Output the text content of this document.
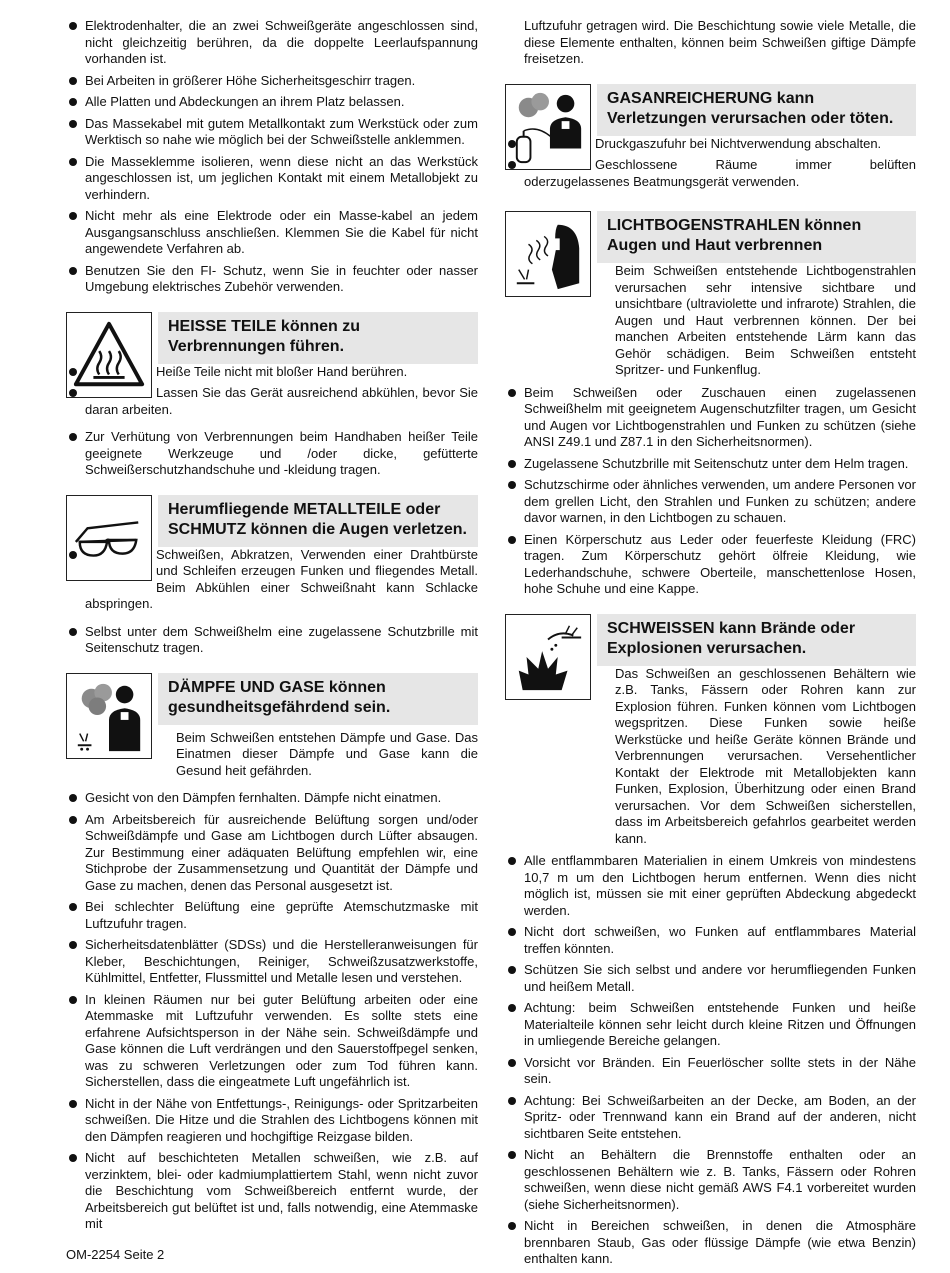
Elektrodenhalter, die an zwei Schweißgeräte angeschlossen sind, nicht gleichzeitig berühren, da die doppelte Leerlaufspannung vorhanden ist.
Bei Arbeiten in größerer Höhe Sicherheitsgeschirr tragen.
Alle Platten und Abdeckungen an ihrem Platz belassen.
Das Massekabel mit gutem Metallkontakt zum Werkstück oder zum Werktisch so nahe wie möglich bei der Schweißstelle anklemmen.
Die Masseklemme isolieren, wenn diese nicht an das Werkstück angeschlossen ist, um jeglichen Kontakt mit einem Metallobjekt zu verhindern.
Nicht mehr als eine Elektrode oder ein Masse-kabel an jedem Ausgangsanschluss anschließen. Klemmen Sie die Kabel für nicht angewendete Verfahren ab.
Benutzen Sie den FI- Schutz, wenn Sie in feuchter oder nasser Umgebung elektrisches Zubehör verwenden.
HEISSE TEILE können zu Verbrennungen führen.
Heiße Teile nicht mit bloßer Hand berühren.
Lassen Sie das Gerät ausreichend abkühlen, bevor Sie daran arbeiten.
Zur Verhütung von Verbrennungen beim Handhaben heißer Teile geeignete Werkzeuge und /oder dicke, gefütterte Schweißerschutzhandschuhe und -kleidung tragen.
Herumfliegende METALLTEILE oder SCHMUTZ können die Augen verletzen.
Schweißen, Abkratzen, Verwenden einer Drahtbürste und Schleifen erzeugen Funken und fliegendes Metall. Beim Abkühlen einer Schweißnaht kann Schlacke abspringen.
Selbst unter dem Schweißhelm eine zugelassene Schutzbrille mit Seitenschutz tragen.
DÄMPFE UND GASE können gesundheitsgefährdend sein.

Beim Schweißen entstehen Dämpfe und Gase. Das Einatmen dieser Dämpfe und Gase kann die Gesund heit gefährden.

Gesicht von den Dämpfen fernhalten. Dämpfe nicht einatmen.
Am Arbeitsbereich für ausreichende Belüftung sorgen und/oder Schweißdämpfe und Gase am Lichtbogen durch Lüfter absaugen. Zur Bestimmung einer adäquaten Belüftung empfehlen wir, eine Stichprobe der Zusammensetzung und Quantität der Dämpfe und Gase zu machen, denen das Personal ausgesetzt ist.
Bei schlechter Belüftung eine geprüfte Atemschutzmaske mit Luftzufuhr tragen.
Sicherheitsdatenblätter (SDSs) und die Herstelleranweisungen für Kleber, Beschichtungen, Reiniger, Schweißzusatzwerkstoffe, Kühlmittel, Entfetter, Flussmittel und Metalle lesen und verstehen.
In kleinen Räumen nur bei guter Belüftung arbeiten oder eine Atemmaske mit Luftzufuhr verwenden. Es sollte stets eine erfahrene Aufsichtsperson in der Nähe sein. Schweißdämpfe und Gase können die Luft verdrängen und den Sauerstoffpegel senken, was zu schweren Verletzungen oder zum Tod führen kann. Sicherstellen, dass die eingeatmete Luft ungefährlich ist.
Nicht in der Nähe von Entfettungs-, Reinigungs- oder Spritzarbeiten schweißen. Die Hitze und die Strahlen des Lichtbogens können mit den Dämpfen reagieren und hochgiftige Reizgase bilden.
Nicht auf beschichteten Metallen schweißen, wie z.B. auf verzinktem, blei- oder kadmiumplattiertem Stahl, wenn nicht zuvor die Beschichtung vom Schweißbereich entfernt wurde, der Arbeitsbereich gut belüftet ist und, falls notwendig, eine Atemmaske mit

Luftzufuhr getragen wird. Die Beschichtung sowie viele Metalle, die diese Elemente enthalten, können beim Schweißen giftige Dämpfe freisetzen.

GASANREICHERUNG kann Verletzungen verursachen oder töten.
Druckgaszufuhr bei Nichtverwendung abschalten.
Geschlossene Räume immer belüften oderzugelassenes Beatmungsgerät verwenden.
LICHTBOGENSTRAHLEN können Augen und Haut verbrennen

Beim Schweißen entstehende Lichtbogenstrahlen verursachen sehr intensive sichtbare und unsichtbare (ultraviolette und infrarote) Strahlen, die Augen und Haut verbrennen können. Der bei manchen Arbeiten entstehende Lärm kann das Gehör schädigen. Beim Schweißen entsteht Spritzer- und Funkenflug.

Beim Schweißen oder Zuschauen einen zugelassenen Schweißhelm mit geeignetem Augenschutzfilter tragen, um Gesicht und Augen vor Lichtbogenstrahlen und Funken zu schützen (siehe ANSI Z49.1 und Z87.1 in den Sicherheitsnormen).
Zugelassene Schutzbrille mit Seitenschutz unter dem Helm tragen.
Schutzschirme oder ähnliches verwenden, um andere Personen vor dem grellen Licht, den Strahlen und Funken zu schützen; andere davor warnen, in den Lichtbogen zu schauen.
Einen Körperschutz aus Leder oder feuerfeste Kleidung (FRC) tragen. Zum Körperschutz gehört ölfreie Kleidung, wie Lederhandschuhe, schwere Oberteile, manschettenlose Hosen, hohe Schuhe und eine Kappe.
SCHWEISSEN kann Brände oder Explosionen verursachen.

Das Schweißen an geschlossenen Behältern wie z.B. Tanks, Fässern oder Rohren kann zur Explosion führen. Funken können vom Lichtbogen wegspritzen. Diese Funken sowie heiße Werkstücke und heiße Geräte können Brände und Verbrennungen verursachen. Versehentlicher Kontakt der Elektrode mit Metallobjekten kann Funken, Explosion, Überhitzung oder einen Brand verursachen. Vor dem Schweißen sicherstellen, dass im Arbeitsbereich gefahrlos gearbeitet werden kann.

Alle entflammbaren Materialien in einem Umkreis von mindestens 10,7 m um den Lichtbogen herum entfernen. Wenn dies nicht möglich ist, müssen sie mit einer geprüften Abdeckung abgedeckt werden.
Nicht dort schweißen, wo Funken auf entflammbares Material treffen könnten.
Schützen Sie sich selbst und andere vor herumfliegenden Funken und heißem Metall.
Achtung: beim Schweißen entstehende Funken und heiße Materialteile können sehr leicht durch kleine Ritzen und Öffnungen in umliegende Bereiche gelangen.
Vorsicht vor Bränden. Ein Feuerlöscher sollte stets in der Nähe sein.
Achtung: Bei Schweißarbeiten an der Decke, am Boden, an der Spritz- oder Trennwand kann ein Brand auf der anderen, nicht sichtbaren Seite entstehen.
Nicht an Behältern die Brennstoffe enthalten oder an geschlossenen Behältern wie z. B. Tanks, Fässern oder Rohren schweißen, wenn diese nicht gemäß AWS F4.1 vorbereitet wurden (siehe Sicherheitsnormen).
Nicht in Bereichen schweißen, in denen die Atmosphäre brennbaren Staub, Gas oder flüssige Dämpfe (wie etwa Benzin) enthalten kann.
OM-2254 Seite 2
